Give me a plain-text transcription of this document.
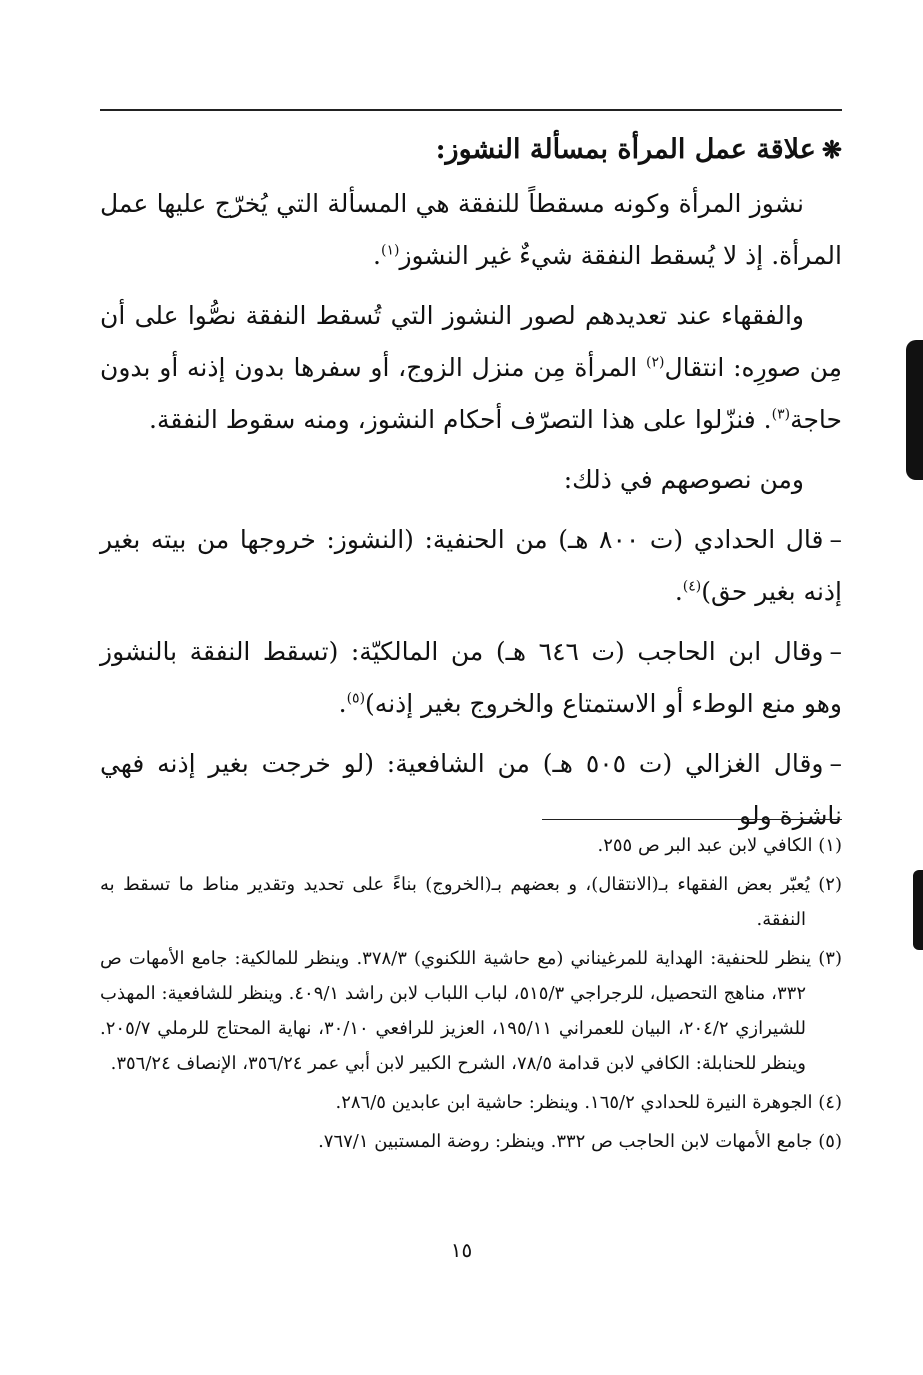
❋علاقة عمل المرأة بمسألة النشوز:

نشوز المرأة وكونه مسقطاً للنفقة هي المسألة التي يُخرّج عليها عمل المرأة. إذ لا يُسقط النفقة شيءٌ غير النشوز$^{(١)}$.

والفقهاء عند تعديدهم لصور النشوز التي تُسقط النفقة نصُّوا على أن مِن صورِه: انتقال$^{(٢)}$ المرأة مِن منزل الزوج، أو سفرها بدون إذنه أو بدون حاجة$^{(٣)}$. فنزّلوا على هذا التصرّف أحكام النشوز، ومنه سقوط النفقة.

ومن نصوصهم في ذلك:

–قال الحدادي (ت ٨٠٠ هـ) من الحنفية: (النشوز: خروجها من بيته بغير إذنه بغير حق)$^{(٤)}$.

–وقال ابن الحاجب (ت ٦٤٦ هـ) من المالكيّة: (تسقط النفقة بالنشوز وهو منع الوطء أو الاستمتاع والخروج بغير إذنه)$^{(٥)}$.

–وقال الغزالي (ت ٥٠٥ هـ) من الشافعية: (لو خرجت بغير إذنه فهي ناشزة ولو

(١) الكافي لابن عبد البر ص ٢٥٥.

(٢) يُعبّر بعض الفقهاء بـ(الانتقال)، و بعضهم بـ(الخروج) بناءً على تحديد وتقدير مناط ما تسقط به النفقة.

(٣) ينظر للحنفية: الهداية للمرغيناني (مع حاشية اللكنوي) ٣٧٨/٣. وينظر للمالكية: جامع الأمهات ص ٣٣٢، مناهج التحصيل، للرجراجي ٥١٥/٣، لباب اللباب لابن راشد ٤٠٩/١. وينظر للشافعية: المهذب للشيرازي ٢٠٤/٢، البيان للعمراني ١٩٥/١١، العزيز للرافعي ٣٠/١٠، نهاية المحتاج للرملي ٢٠٥/٧. وينظر للحنابلة: الكافي لابن قدامة ٧٨/٥، الشرح الكبير لابن أبي عمر ٣٥٦/٢٤، الإنصاف ٣٥٦/٢٤.

(٤) الجوهرة النيرة للحدادي ١٦٥/٢. وينظر: حاشية ابن عابدين ٢٨٦/٥.

(٥) جامع الأمهات لابن الحاجب ص ٣٣٢. وينظر: روضة المستبين ٧٦٧/١.

١٥
